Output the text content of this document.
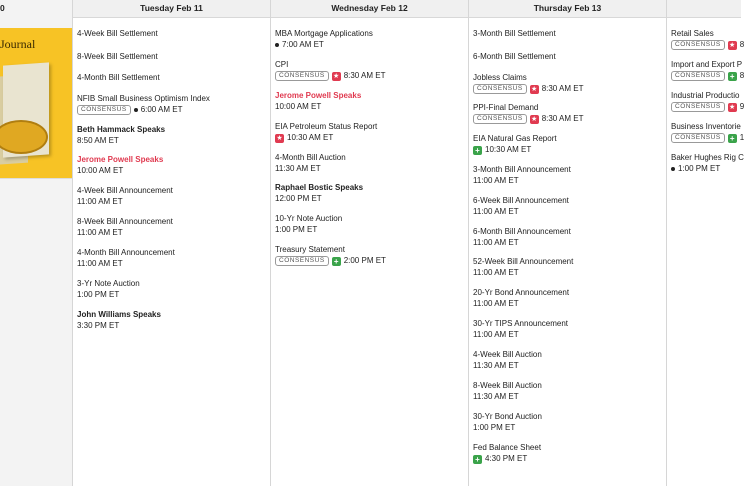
0
Journal
Tuesday Feb 11
4-Week Bill Settlement
8-Week Bill Settlement
4-Month Bill Settlement
NFIB Small Business Optimism Index
CONSENSUS	6:00 AM ET
Beth Hammack Speaks
8:50 AM ET
Jerome Powell Speaks
10:00 AM ET
4-Week Bill Announcement
11:00 AM ET
8-Week Bill Announcement
11:00 AM ET
4-Month Bill Announcement
11:00 AM ET
3-Yr Note Auction
1:00 PM ET
John Williams Speaks
3:30 PM ET
Wednesday Feb 12
MBA Mortgage Applications
7:00 AM ET
CPI
CONSENSUS	★ 8:30 AM ET
Jerome Powell Speaks
10:00 AM ET
EIA Petroleum Status Report
★ 10:30 AM ET
4-Month Bill Auction
11:30 AM ET
Raphael Bostic Speaks
12:00 PM ET
10-Yr Note Auction
1:00 PM ET
Treasury Statement
CONSENSUS	+ 2:00 PM ET
Thursday Feb 13
3-Month Bill Settlement
6-Month Bill Settlement
Jobless Claims
CONSENSUS	★ 8:30 AM ET
PPI-Final Demand
CONSENSUS	★ 8:30 AM ET
EIA Natural Gas Report
+ 10:30 AM ET
3-Month Bill Announcement
11:00 AM ET
6-Week Bill Announcement
11:00 AM ET
6-Month Bill Announcement
11:00 AM ET
52-Week Bill Announcement
11:00 AM ET
20-Yr Bond Announcement
11:00 AM ET
30-Yr TIPS Announcement
11:00 AM ET
4-Week Bill Auction
11:30 AM ET
8-Week Bill Auction
11:30 AM ET
30-Yr Bond Auction
1:00 PM ET
Fed Balance Sheet
+ 4:30 PM ET
Retail Sales
CONSENSUS	★ 8
Import and Export P
CONSENSUS	+ 8
Industrial Productio
CONSENSUS	★ 9
Business Inventorie
CONSENSUS	+ 1
Baker Hughes Rig C
1:00 PM ET
